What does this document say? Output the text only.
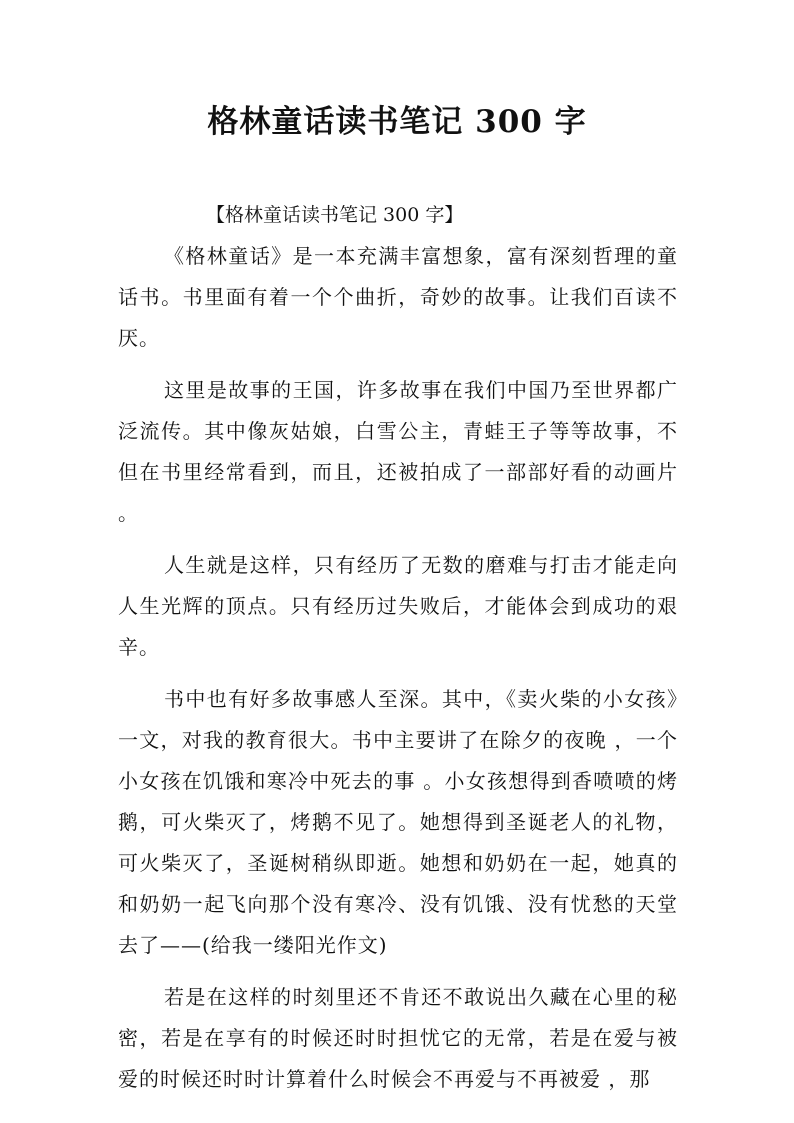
格林童话读书笔记 300 字
【格林童话读书笔记 300 字】

《格林童话》是一本充满丰富想象，富有深刻哲理的童话书。书里面有着一个个曲折，奇妙的故事。让我们百读不厌。

这里是故事的王国，许多故事在我们中国乃至世界都广泛流传。其中像灰姑娘，白雪公主，青蛙王子等等故事，不但在书里经常看到，而且，还被拍成了一部部好看的动画片 。

人生就是这样，只有经历了无数的磨难与打击才能走向人生光辉的顶点。只有经历过失败后，才能体会到成功的艰辛。

书中也有好多故事感人至深。其中，《卖火柴的小女孩》一文，对我的教育很大。书中主要讲了在除夕的夜晚 ，一个小女孩在饥饿和寒冷中死去的事 。小女孩想得到香喷喷的烤鹅，可火柴灭了，烤鹅不见了。她想得到圣诞老人的礼物，可火柴灭了，圣诞树稍纵即逝。她想和奶奶在一起，她真的和奶奶一起飞向那个没有寒冷、没有饥饿、没有忧愁的天堂去了——(给我一缕阳光作文)

若是在这样的时刻里还不肯还不敢说出久藏在心里的秘密，若是在享有的时候还时时担忧它的无常，若是在爱与被爱的时候还时时计算着什么时候会不再爱与不再被爱 ，那
